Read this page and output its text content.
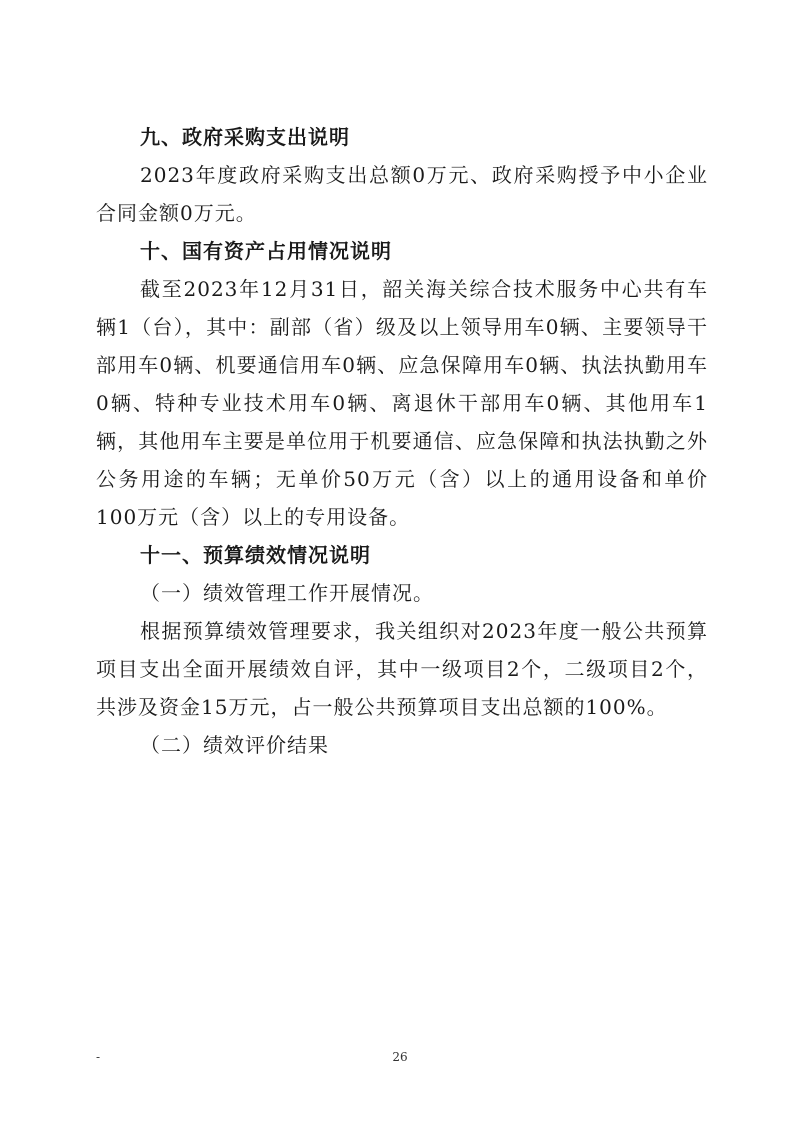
九、政府采购支出说明

2023年度政府采购支出总额0万元、政府采购授予中小企业合同金额0万元。

十、国有资产占用情况说明

截至2023年12月31日，韶关海关综合技术服务中心共有车辆1（台），其中：副部（省）级及以上领导用车0辆、主要领导干部用车0辆、机要通信用车0辆、应急保障用车0辆、执法执勤用车0辆、特种专业技术用车0辆、离退休干部用车0辆、其他用车1辆，其他用车主要是单位用于机要通信、应急保障和执法执勤之外公务用途的车辆；无单价50万元（含）以上的通用设备和单价100万元（含）以上的专用设备。

十一、预算绩效情况说明

（一）绩效管理工作开展情况。

根据预算绩效管理要求，我关组织对2023年度一般公共预算项目支出全面开展绩效自评，其中一级项目2个，二级项目2个，共涉及资金15万元，占一般公共预算项目支出总额的100%。

（二）绩效评价结果

-	26
